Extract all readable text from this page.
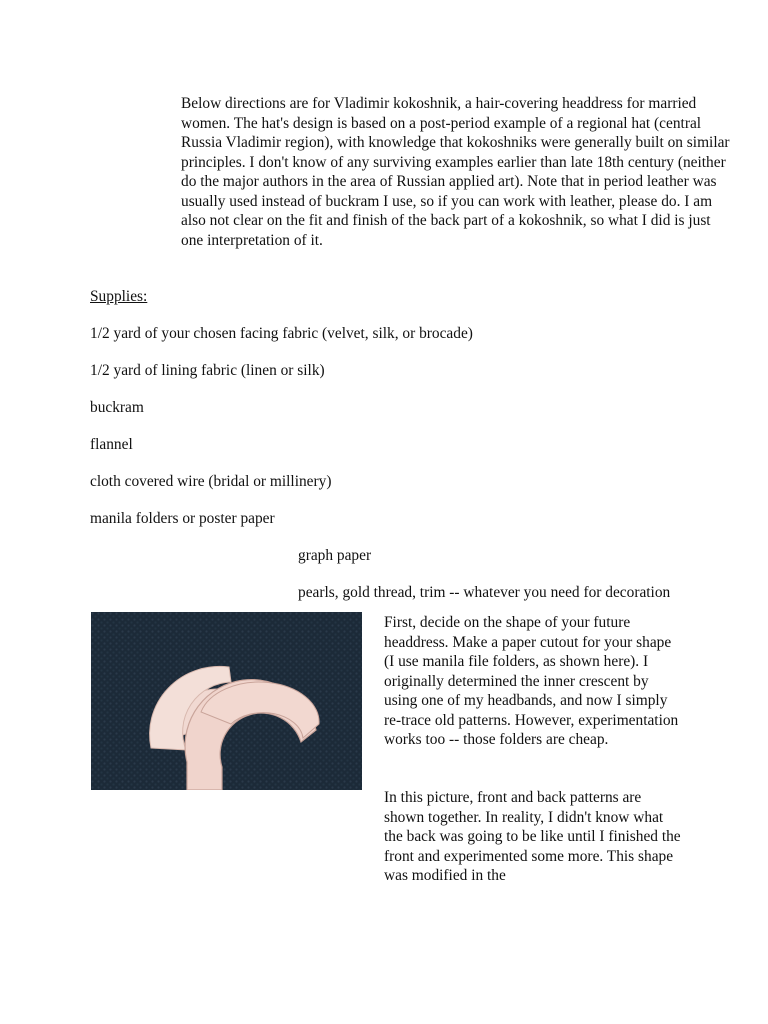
Below directions are for Vladimir kokoshnik, a hair-covering headdress for married women. The hat's design is based on a post-period example of a regional hat (central Russia Vladimir region), with knowledge that kokoshniks were generally built on similar principles. I don't know of any surviving examples earlier than late 18th century (neither do the major authors in the area of Russian applied art). Note that in period leather was usually used instead of buckram I use, so if you can work with leather, please do. I am also not clear on the fit and finish of the back part of a kokoshnik, so what I did is just one interpretation of it.

Supplies:

1/2 yard of your chosen facing fabric (velvet, silk, or brocade)

1/2 yard of lining fabric (linen or silk)

buckram

flannel

cloth covered wire (bridal or millinery)

manila folders or poster paper

graph paper

pearls, gold thread, trim -- whatever you need for decoration

First, decide on the shape of your future headdress. Make a paper cutout for your shape (I use manila file folders, as shown here). I originally determined the inner crescent by using one of my headbands, and now I simply re-trace old patterns. However, experimentation works too -- those folders are cheap.

In this picture, front and back patterns are shown together. In reality, I didn't know what the back was going to be like until I finished the front and experimented some more. This shape was modified in the
